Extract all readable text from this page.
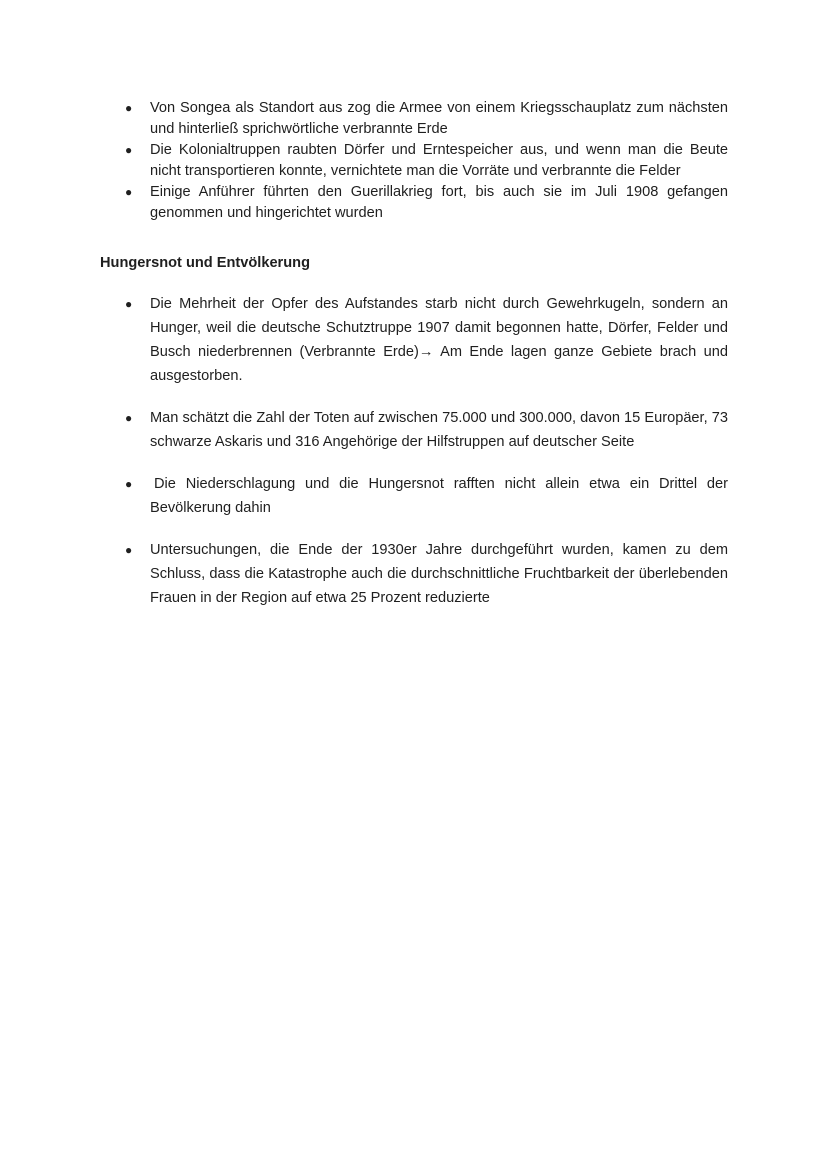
● Von Songea als Standort aus zog die Armee von einem Kriegsschauplatz zum nächsten und hinterließ sprichwörtliche verbrannte Erde
● Die Kolonialtruppen raubten Dörfer und Erntespeicher aus, und wenn man die Beute nicht transportieren konnte, vernichtete man die Vorräte und verbrannte die Felder
● Einige Anführer führten den Guerillakrieg fort, bis auch sie im Juli 1908 gefangen genommen und hingerichtet wurden
Hungersnot und Entvölkerung
● Die Mehrheit der Opfer des Aufstandes starb nicht durch Gewehrkugeln, sondern an Hunger, weil die deutsche Schutztruppe 1907 damit begonnen hatte, Dörfer, Felder und Busch niederbrennen (Verbrannte Erde)→ Am Ende lagen ganze Gebiete brach und ausgestorben.
● Man schätzt die Zahl der Toten auf zwischen 75.000 und 300.000, davon 15 Europäer, 73 schwarze Askaris und 316 Angehörige der Hilfstruppen auf deutscher Seite
● Die Niederschlagung und die Hungersnot rafften nicht allein etwa ein Drittel der Bevölkerung dahin
● Untersuchungen, die Ende der 1930er Jahre durchgeführt wurden, kamen zu dem Schluss, dass die Katastrophe auch die durchschnittliche Fruchtbarkeit der überlebenden Frauen in der Region auf etwa 25 Prozent reduzierte
